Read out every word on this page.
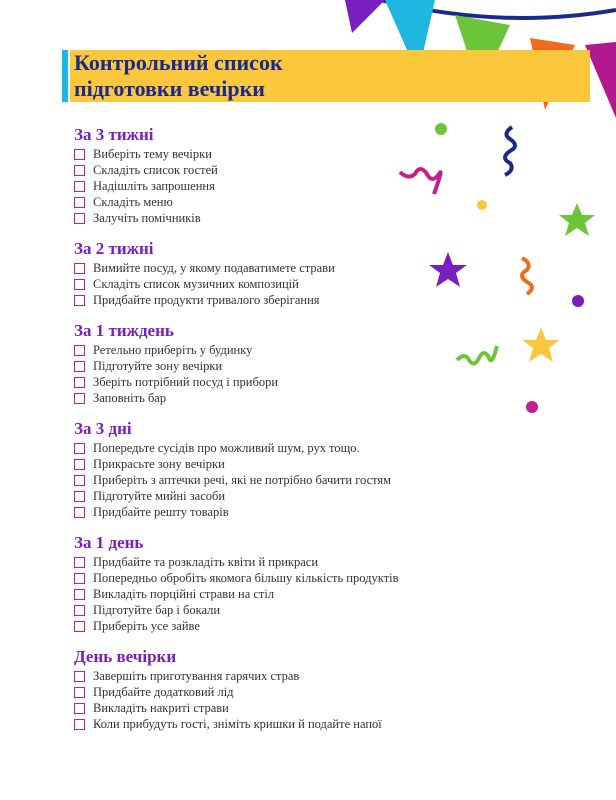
Контрольний список
підготовки вечірки
За 3 тижні
Виберіть тему вечірки
Складіть список гостей
Надішліть запрошення
Складіть меню
Залучіть помічників
За 2 тижні
Вимийте посуд, у якому подаватимете страви
Складіть список музичних композицій
Придбайте продукти тривалого зберігання
За 1 тиждень
Ретельно приберіть у будинку
Підготуйте зону вечірки
Зберіть потрібний посуд і прибори
Заповніть бар
За 3 дні
Попередьте сусідів про можливий шум, рух тощо.
Прикрасьте зону вечірки
Приберіть з аптечки речі, які не потрібно бачити гостям
Підготуйте мийні засоби
Придбайте решту товарів
За 1 день
Придбайте та розкладіть квіти й прикраси
Попередньо обробіть якомога більшу кількість продуктів
Викладіть порційні страви на стіл
Підготуйте бар і бокали
Приберіть усе зайве
День вечірки
Завершіть приготування гарячих страв
Придбайте додатковий лід
Викладіть накриті страви
Коли прибудуть гості, зніміть кришки й подайте напої
